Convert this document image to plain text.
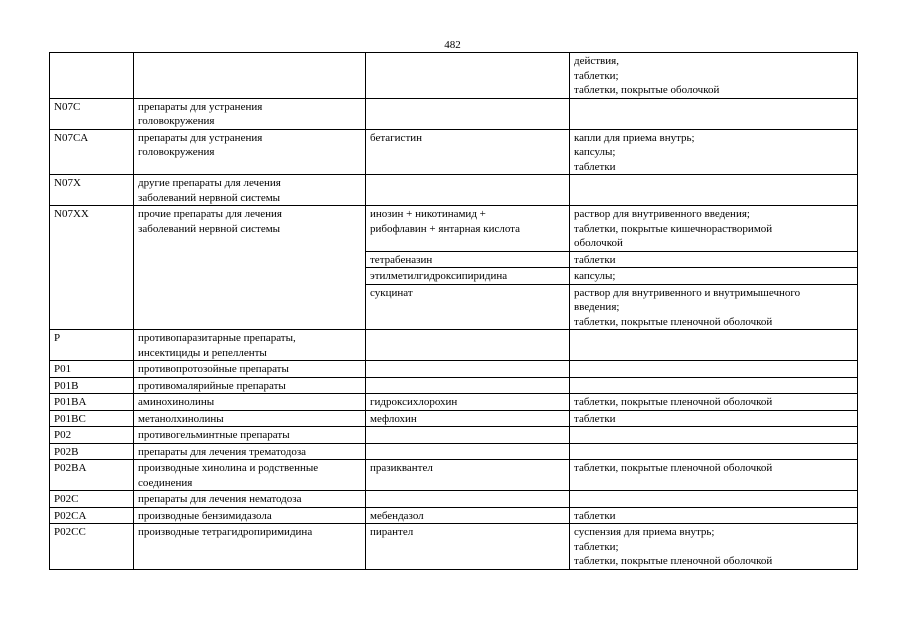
482

			действия,
таблетки;
таблетки, покрытые оболочкой

N07C	препараты для устранения
головокружения		

N07CA	препараты для устранения
головокружения	бетагистин	капли для приема внутрь;
капсулы;
таблетки

N07X	другие препараты для лечения
заболеваний нервной системы		

N07XX	прочие препараты для лечения
заболеваний нервной системы	инозин + никотинамид +
рибофлавин + янтарная кислота	раствор для внутривенного введения;
таблетки, покрытые кишечнорастворимой
оболочкой

		тетрабеназин	таблетки

		этилметилгидроксипиридина	капсулы;

		сукцинат	раствор для внутривенного и внутримышечного
введения;
таблетки, покрытые пленочной оболочкой

P	противопаразитарные препараты,
инсектициды и репелленты		

P01	противопротозойные препараты		

P01B	противомалярийные препараты		

P01BA	аминохинолины	гидроксихлорохин	таблетки, покрытые пленочной оболочкой

P01BC	метанолхинолины	мефлохин	таблетки

P02	противогельминтные препараты		

P02B	препараты для лечения трематодоза		

P02BA	производные хинолина и родственные
соединения	празиквантел	таблетки, покрытые пленочной оболочкой

P02C	препараты для лечения нематодоза		

P02CA	производные бензимидазола	мебендазол	таблетки

P02CC	производные тетрагидропиримидина	пирантел	суспензия для приема внутрь;
таблетки;
таблетки, покрытые пленочной оболочкой
